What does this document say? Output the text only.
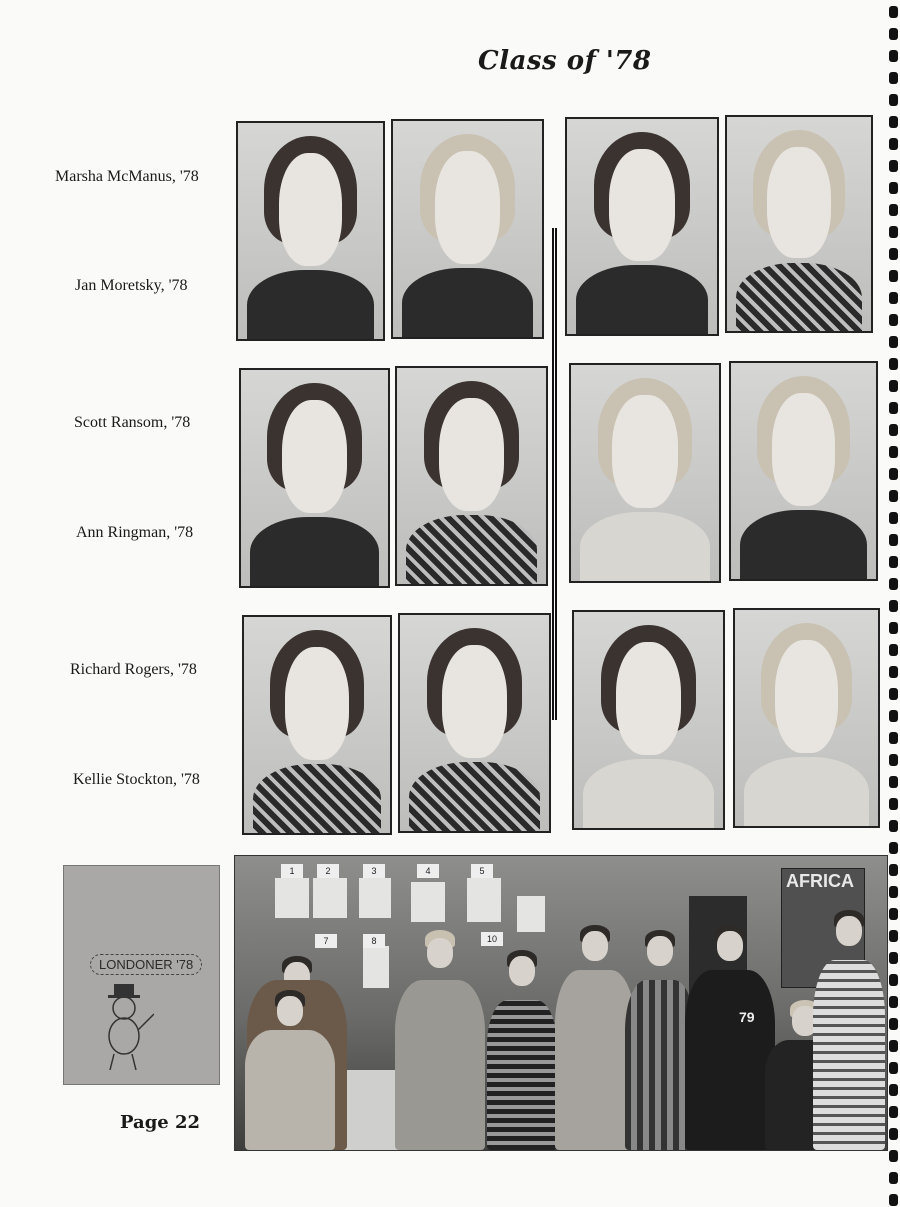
Class of '78
Marsha McManus, '78
Jan Moretsky, '78
Scott Ransom, '78
Ann Ringman, '78
Richard Rogers, '78
Kellie Stockton, '78
LONDONER '78
Page 22
1	2	3	4	5
7	8	10
AFRICA
79
